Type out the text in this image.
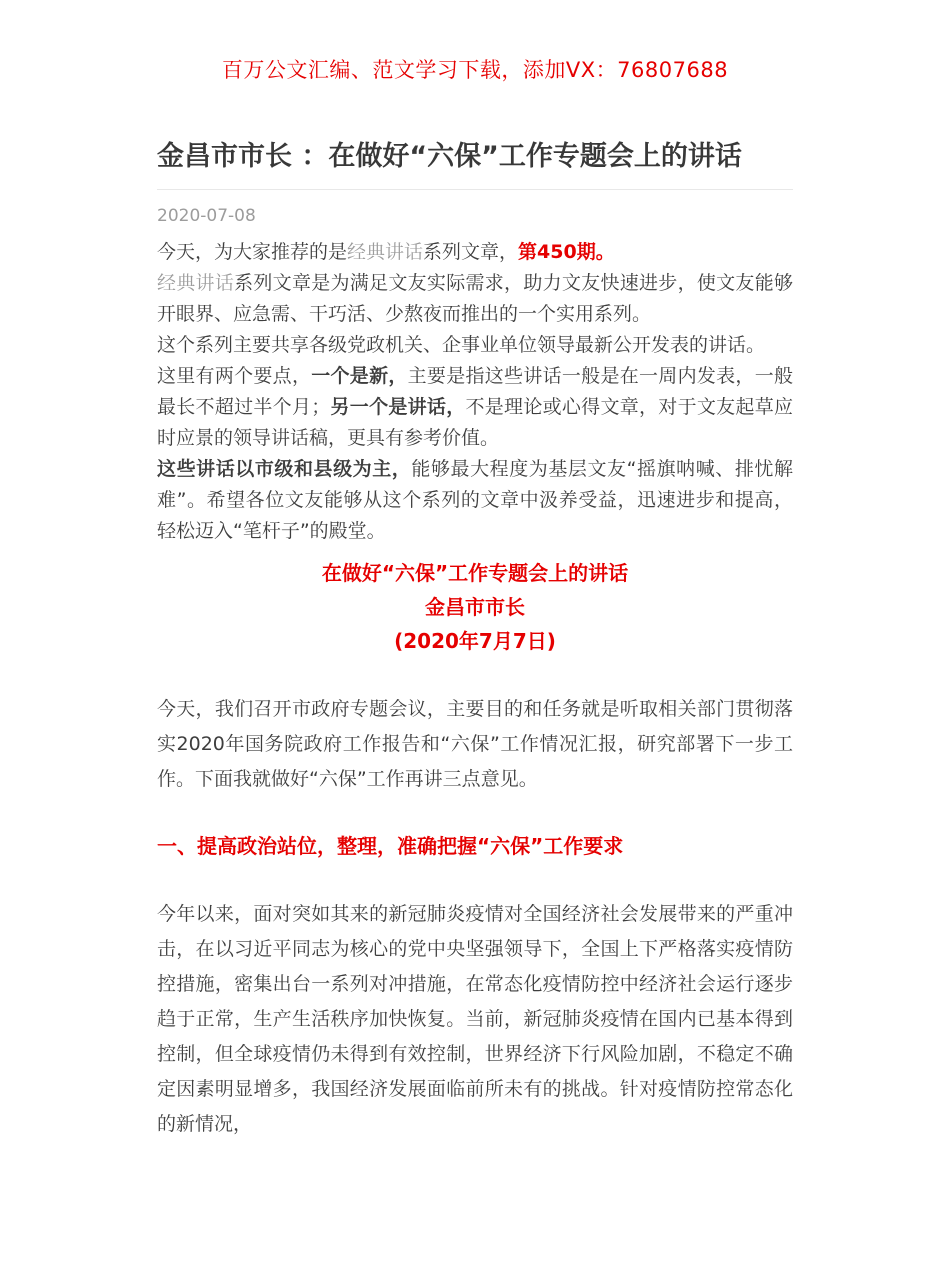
百万公文汇编、范文学习下载，添加VX：76807688
金昌市市长 ：在做好“六保”工作专题会上的讲话
2020-07-08

今天，为大家推荐的是经典讲话系列文章，第450期。

经典讲话系列文章是为满足文友实际需求，助力文友快速进步，使文友能够开眼界、应急需、干巧活、少熬夜而推出的一个实用系列。

这个系列主要共享各级党政机关、企事业单位领导最新公开发表的讲话。

这里有两个要点，一个是新，主要是指这些讲话一般是在一周内发表，一般最长不超过半个月；另一个是讲话，不是理论或心得文章，对于文友起草应时应景的领导讲话稿，更具有参考价值。

这些讲话以市级和县级为主，能够最大程度为基层文友“摇旗呐喊、排忧解难”。希望各位文友能够从这个系列的文章中汲养受益，迅速进步和提高，轻松迈入“笔杆子”的殿堂。

在做好“六保”工作专题会上的讲话
金昌市市长
(2020年7月7日)

今天，我们召开市政府专题会议，主要目的和任务就是听取相关部门贯彻落实2020年国务院政府工作报告和“六保”工作情况汇报，研究部署下一步工作。下面我就做好“六保”工作再讲三点意见。

一、提高政治站位，整理，准确把握“六保”工作要求

今年以来，面对突如其来的新冠肺炎疫情对全国经济社会发展带来的严重冲击，在以习近平同志为核心的党中央坚强领导下，全国上下严格落实疫情防控措施，密集出台一系列对冲措施，在常态化疫情防控中经济社会运行逐步趋于正常，生产生活秩序加快恢复。当前，新冠肺炎疫情在国内已基本得到控制，但全球疫情仍未得到有效控制，世界经济下行风险加剧，不稳定不确定因素明显增多，我国经济发展面临前所未有的挑战。针对疫情防控常态化的新情况，
